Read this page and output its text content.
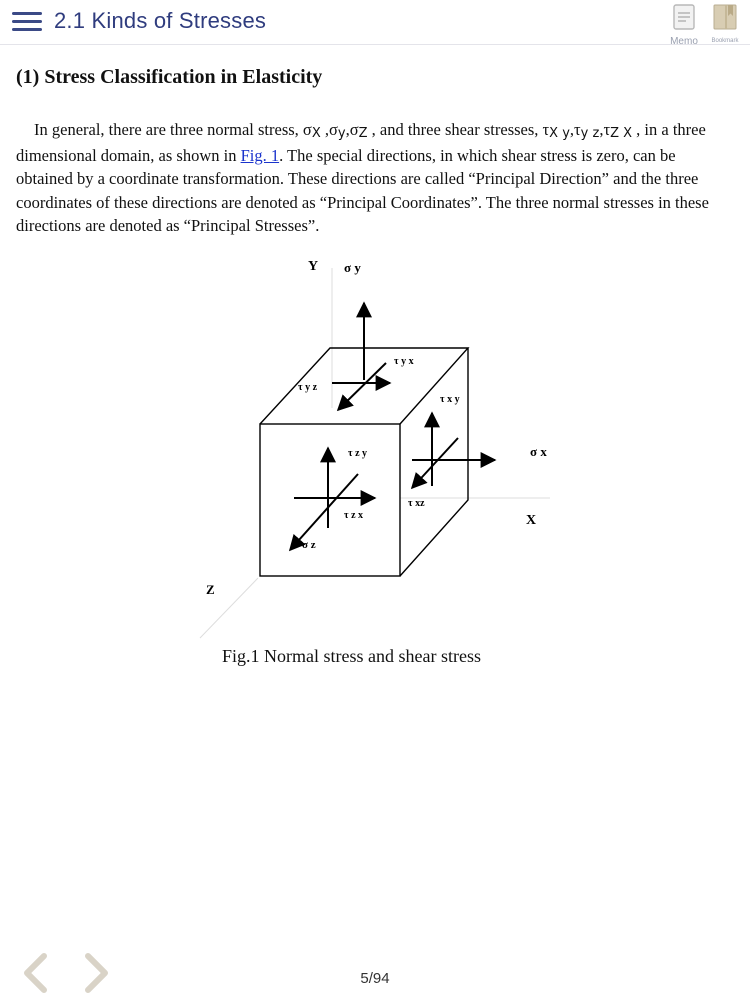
2.1 Kinds of Stresses
Memo	Bookmark
(1) Stress Classification in Elasticity

In general, there are three normal stress, σX ,σy,σZ , and three shear stresses, τX y,τy z,τZ X , in a three dimensional domain, as shown in Fig. 1. The special directions, in which shear stress is zero, can be obtained by a coordinate transformation. These directions are called “Principal Direction” and the three coordinates of these directions are denoted as “Principal Coordinates”. The three normal stresses in these directions are denoted as “Principal Stresses”.

Y σ y
τ y x
τ y z
τ x y
σ x
τ z y
τ xz
τ z x	X
σ z
Z
Fig.1 Normal stress and shear stress
5/94
